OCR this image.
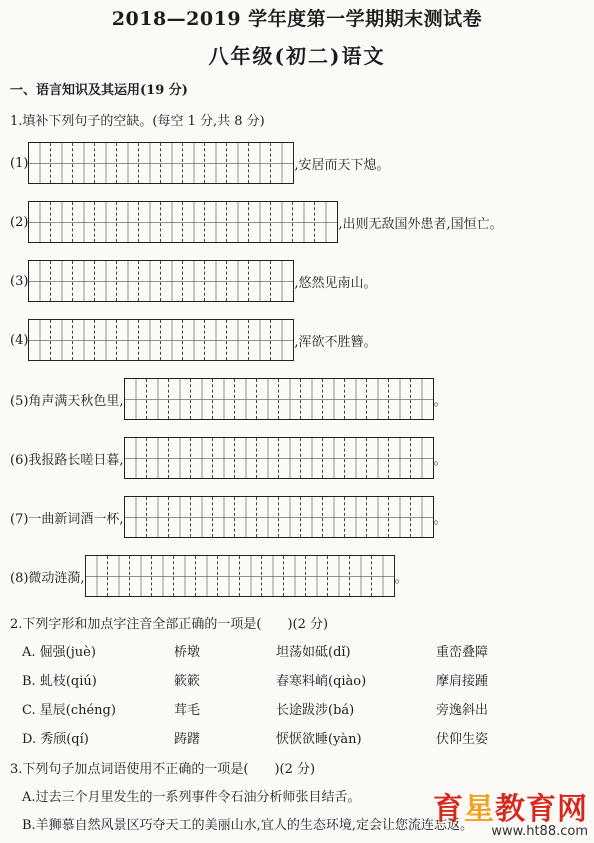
2018—2019 学年度第一学期期末测试卷
八年级(初二)语文
一、语言知识及其运用(19 分)
1.填补下列句子的空缺。(每空 1 分,共 8 分)
(1)	,安居而天下熄。
(2)	,出则无敌国外患者,国恒亡。
(3)	,悠然见南山。
(4)	,浑欲不胜簪。
(5)角声满天秋色里,	。
(6)我报路长嗟日暮,	。
(7)一曲新词酒一杯,	。
(8)微动涟漪,	。
2.下列字形和加点字注音全部正确的一项是(　　)(2 分)
A. 倔强(juè)	桥墩	坦荡如砥(dǐ)	重峦叠障
B. 虬枝(qiú)	簌簌	春寒料峭(qiào)	摩肩接踵
C. 星辰(chéng)	茸毛	长途跋涉(bá)	旁逸斜出
D. 秀颀(qí)	踌躇	恹恹欲睡(yàn)	伏仰生姿
3.下列句子加点词语使用不正确的一项是(　　)(2 分)
A.过去三个月里发生的一系列事件令石油分析师张目结舌。
B.羊狮慕自然风景区巧夺天工的美丽山水,宜人的生态环境,定会让您流连忘返。
育星教育网
www.ht88.com
